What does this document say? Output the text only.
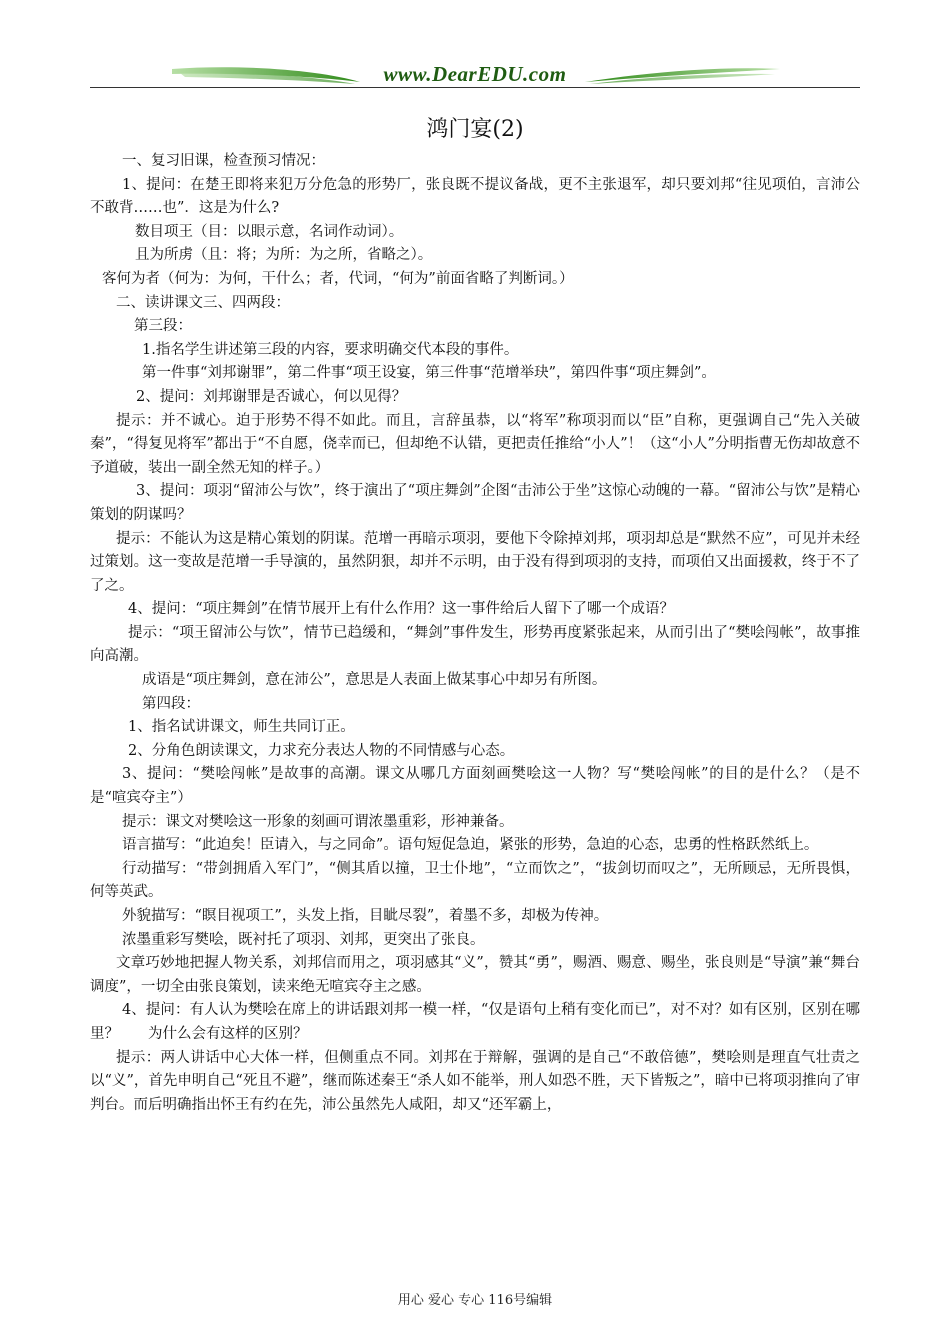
www.DearEDU.com
鸿门宴(2)

一、复习旧课，检查预习情况：

1、提问：在楚王即将来犯万分危急的形势厂，张良既不提议备战，更不主张退军，却只要刘邦“往见项伯，言沛公不敢背……也”．这是为什么?

数目项王（目：以眼示意，名词作动词）。

且为所虏（且：将；为所：为之所，省略之）。

客何为者（何为：为何，干什么；者，代词，“何为”前面省略了判断词。）

二、读讲课文三、四两段：

第三段：

1.指名学生讲述第三段的内容，要求明确交代本段的事件。

第一件事“刘邦谢罪”，第二件事“项王设宴，第三件事“范增举玦”，第四件事“项庄舞剑”。

2、提问：刘邦谢罪是否诚心，何以见得？

提示：并不诚心。迫于形势不得不如此。而且，言辞虽恭，以“将军”称项羽而以“臣”自称，更强调自己“先入关破秦”，“得复见将军”都出于“不自愿，侥幸而已，但却绝不认错，更把责任推给“小人”！（这“小人”分明指曹无伤却故意不予道破，装出一副全然无知的样子。）

3、提问：项羽“留沛公与饮”，终于演出了“项庄舞剑”企图“击沛公于坐”这惊心动魄的一幕。“留沛公与饮”是精心策划的阴谋吗？

提示：不能认为这是精心策划的阴谋。范增一再暗示项羽，要他下令除掉刘邦，项羽却总是“默然不应”，可见并未经过策划。这一变故是范增一手导演的，虽然阴狠，却并不示明，由于没有得到项羽的支持，而项伯又出面援救，终于不了了之。

4、提问：“项庄舞剑”在情节展开上有什么作用？这一事件给后人留下了哪一个成语？

提示：“项王留沛公与饮”，情节已趋缓和，“舞剑”事件发生，形势再度紧张起来，从而引出了“樊哙闯帐”，故事推向高潮。

成语是“项庄舞剑，意在沛公”，意思是人表面上做某事心中却另有所图。

第四段：

1、指名试讲课文，师生共同订正。

2、分角色朗读课文，力求充分表达人物的不同情感与心态。

3、提问：“樊哙闯帐”是故事的高潮。课文从哪几方面刻画樊哙这一人物？写“樊哙闯帐”的目的是什么？（是不是“喧宾夺主”）

提示：课文对樊哙这一形象的刻画可谓浓墨重彩，形神兼备。

语言描写：“此迫矣！臣请入，与之同命”。语句短促急迫，紧张的形势，急迫的心态，忠勇的性格跃然纸上。

行动描写：“带剑拥盾入军门”，“侧其盾以撞，卫士仆地”，“立而饮之”，“拔剑切而叹之”，无所顾忌，无所畏惧，何等英武。

外貌描写：“瞑目视项工”，头发上指，目眦尽裂”，着墨不多，却极为传神。

浓墨重彩写樊哙，既衬托了项羽、刘邦，更突出了张良。

文章巧妙地把握人物关系，刘邦信而用之，项羽感其“义”，赞其“勇”，赐酒、赐意、赐坐，张良则是“导演”兼“舞台调度”，一切全由张良策划，读来绝无喧宾夺主之感。

4、提问：有人认为樊哙在席上的讲话跟刘邦一模一样，“仅是语句上稍有变化而已”，对不对？如有区别，区别在哪里？　　为什么会有这样的区别？

提示：两人讲话中心大体一样，但侧重点不同。刘邦在于辩解，强调的是自己“不敢倍德”，樊哙则是理直气壮责之以“义”，首先申明自己“死且不避”，继而陈述秦王“杀人如不能举，刑人如恐不胜，天下皆叛之”，暗中已将项羽推向了审判台。而后明确指出怀王有约在先，沛公虽然先人咸阳，却又“还军霸上，

用心 爱心 专心 116号编辑
